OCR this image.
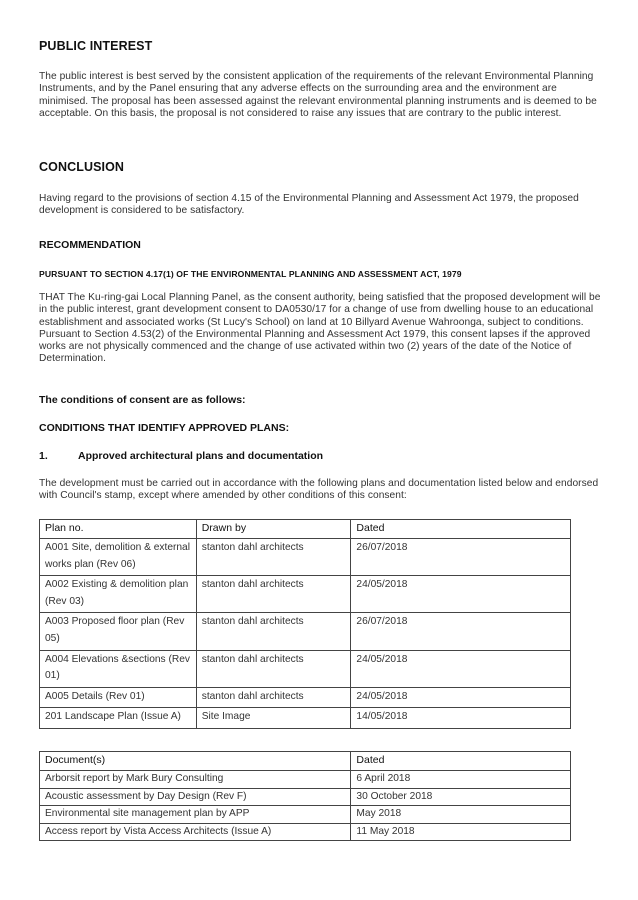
PUBLIC INTEREST
The public interest is best served by the consistent application of the requirements of the relevant Environmental Planning Instruments, and by the Panel ensuring that any adverse effects on the surrounding area and the environment are minimised. The proposal has been assessed against the relevant environmental planning instruments and is deemed to be acceptable. On this basis, the proposal is not considered to raise any issues that are contrary to the public interest.
CONCLUSION
Having regard to the provisions of section 4.15 of the Environmental Planning and Assessment Act 1979, the proposed development is considered to be satisfactory.
RECOMMENDATION
PURSUANT TO SECTION 4.17(1) OF THE ENVIRONMENTAL PLANNING AND ASSESSMENT ACT, 1979
THAT The Ku-ring-gai Local Planning Panel, as the consent authority, being satisfied that the proposed development will be in the public interest, grant development consent to DA0530/17 for a change of use from dwelling house to an educational establishment and associated works (St Lucy's School) on land at 10 Billyard Avenue Wahroonga, subject to conditions. Pursuant to Section 4.53(2) of the Environmental Planning and Assessment Act 1979, this consent lapses if the approved works are not physically commenced and the change of use activated within two (2) years of the date of the Notice of Determination.
The conditions of consent are as follows:
CONDITIONS THAT IDENTIFY APPROVED PLANS:
1.	Approved architectural plans and documentation
The development must be carried out in accordance with the following plans and documentation listed below and endorsed with Council's stamp, except where amended by other conditions of this consent:
Plan no.	Drawn by	Dated
A001 Site, demolition & external works plan (Rev 06)	stanton dahl architects	26/07/2018
A002 Existing & demolition plan (Rev 03)	stanton dahl architects	24/05/2018
A003 Proposed floor plan (Rev 05)	stanton dahl architects	26/07/2018
A004 Elevations &sections (Rev 01)	stanton dahl architects	24/05/2018
A005 Details (Rev 01)	stanton dahl architects	24/05/2018
201 Landscape Plan (Issue A)	Site Image	14/05/2018
Document(s)	Dated
Arborsit report by Mark Bury Consulting	6 April 2018
Acoustic assessment by Day Design (Rev F)	30 October 2018
Environmental site management plan by APP	May 2018
Access report by Vista Access Architects (Issue A)	11 May 2018
